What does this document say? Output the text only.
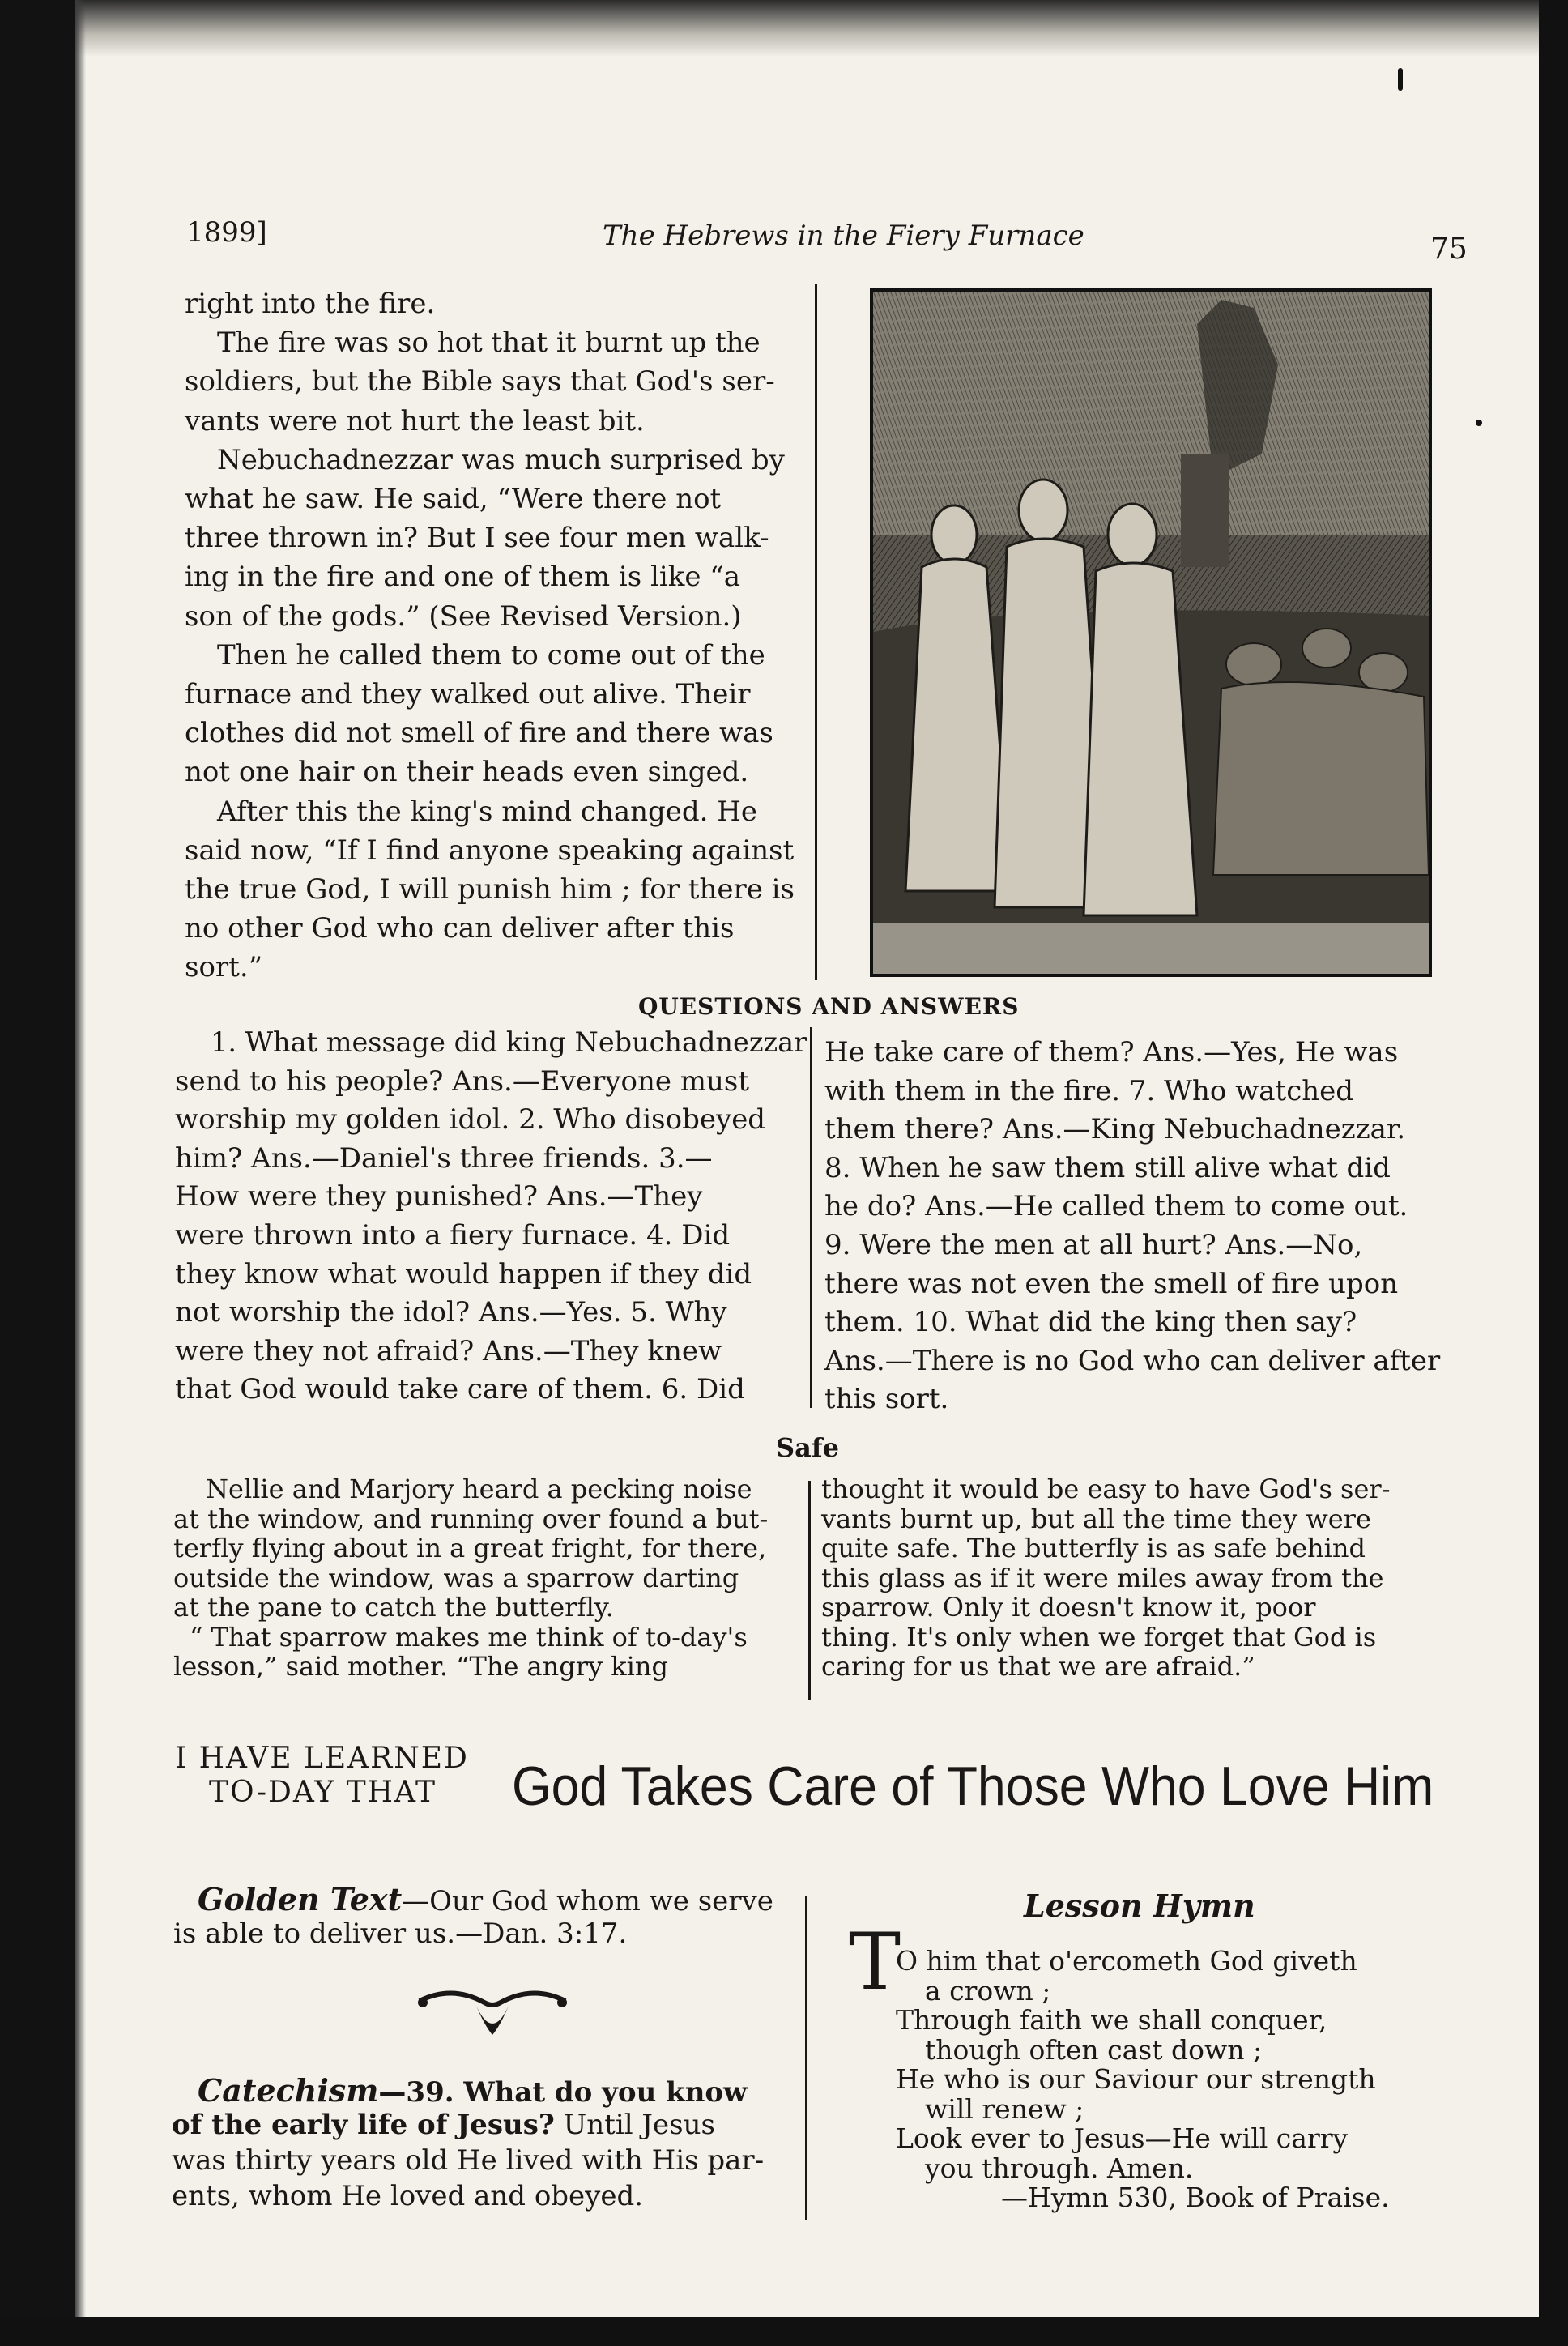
1899]	The Hebrews in the Fiery Furnace	75
right into the fire.
The fire was so hot that it burnt up the
soldiers, but the Bible says that God's ser-
vants were not hurt the least bit.
Nebuchadnezzar was much surprised by
what he saw. He said, “Were there not
three thrown in? But I see four men walk-
ing in the fire and one of them is like “a
son of the gods.” (See Revised Version.)
Then he called them to come out of the
furnace and they walked out alive. Their
clothes did not smell of fire and there was
not one hair on their heads even singed.
After this the king's mind changed. He
said now, “If I find anyone speaking against
the true God, I will punish him ; for there is
no other God who can deliver after this
sort.”
QUESTIONS AND ANSWERS
1. What message did king Nebuchadnezzar
send to his people? Ans.—Everyone must
worship my golden idol. 2. Who disobeyed
him? Ans.—Daniel's three friends. 3.—
How were they punished? Ans.—They
were thrown into a fiery furnace. 4. Did
they know what would happen if they did
not worship the idol? Ans.—Yes. 5. Why
were they not afraid? Ans.—They knew
that God would take care of them. 6. Did
He take care of them? Ans.—Yes, He was
with them in the fire. 7. Who watched
them there? Ans.—King Nebuchadnezzar.
8. When he saw them still alive what did
he do? Ans.—He called them to come out.
9. Were the men at all hurt? Ans.—No,
there was not even the smell of fire upon
them. 10. What did the king then say?
Ans.—There is no God who can deliver after
this sort.
Safe
Nellie and Marjory heard a pecking noise
at the window, and running over found a but-
terfly flying about in a great fright, for there,
outside the window, was a sparrow darting
at the pane to catch the butterfly.
“ That sparrow makes me think of to-day's
lesson,” said mother. “The angry king
thought it would be easy to have God's ser-
vants burnt up, but all the time they were
quite safe. The butterfly is as safe behind
this glass as if it were miles away from the
sparrow. Only it doesn't know it, poor
thing. It's only when we forget that God is
caring for us that we are afraid.”
I HAVE LEARNED
TO-DAY THAT God Takes Care of Those Who Love Him
Golden Text—Our God whom we serve
is able to deliver us.—Dan. 3:17.
Catechism—39. What do you know
of the early life of Jesus? Until Jesus
was thirty years old He lived with His par-
ents, whom He loved and obeyed.
Lesson Hymn
T
O him that o'ercometh God giveth
a crown ;
Through faith we shall conquer,
though often cast down ;
He who is our Saviour our strength
will renew ;
Look ever to Jesus—He will carry
you through. Amen.
—Hymn 530, Book of Praise.
